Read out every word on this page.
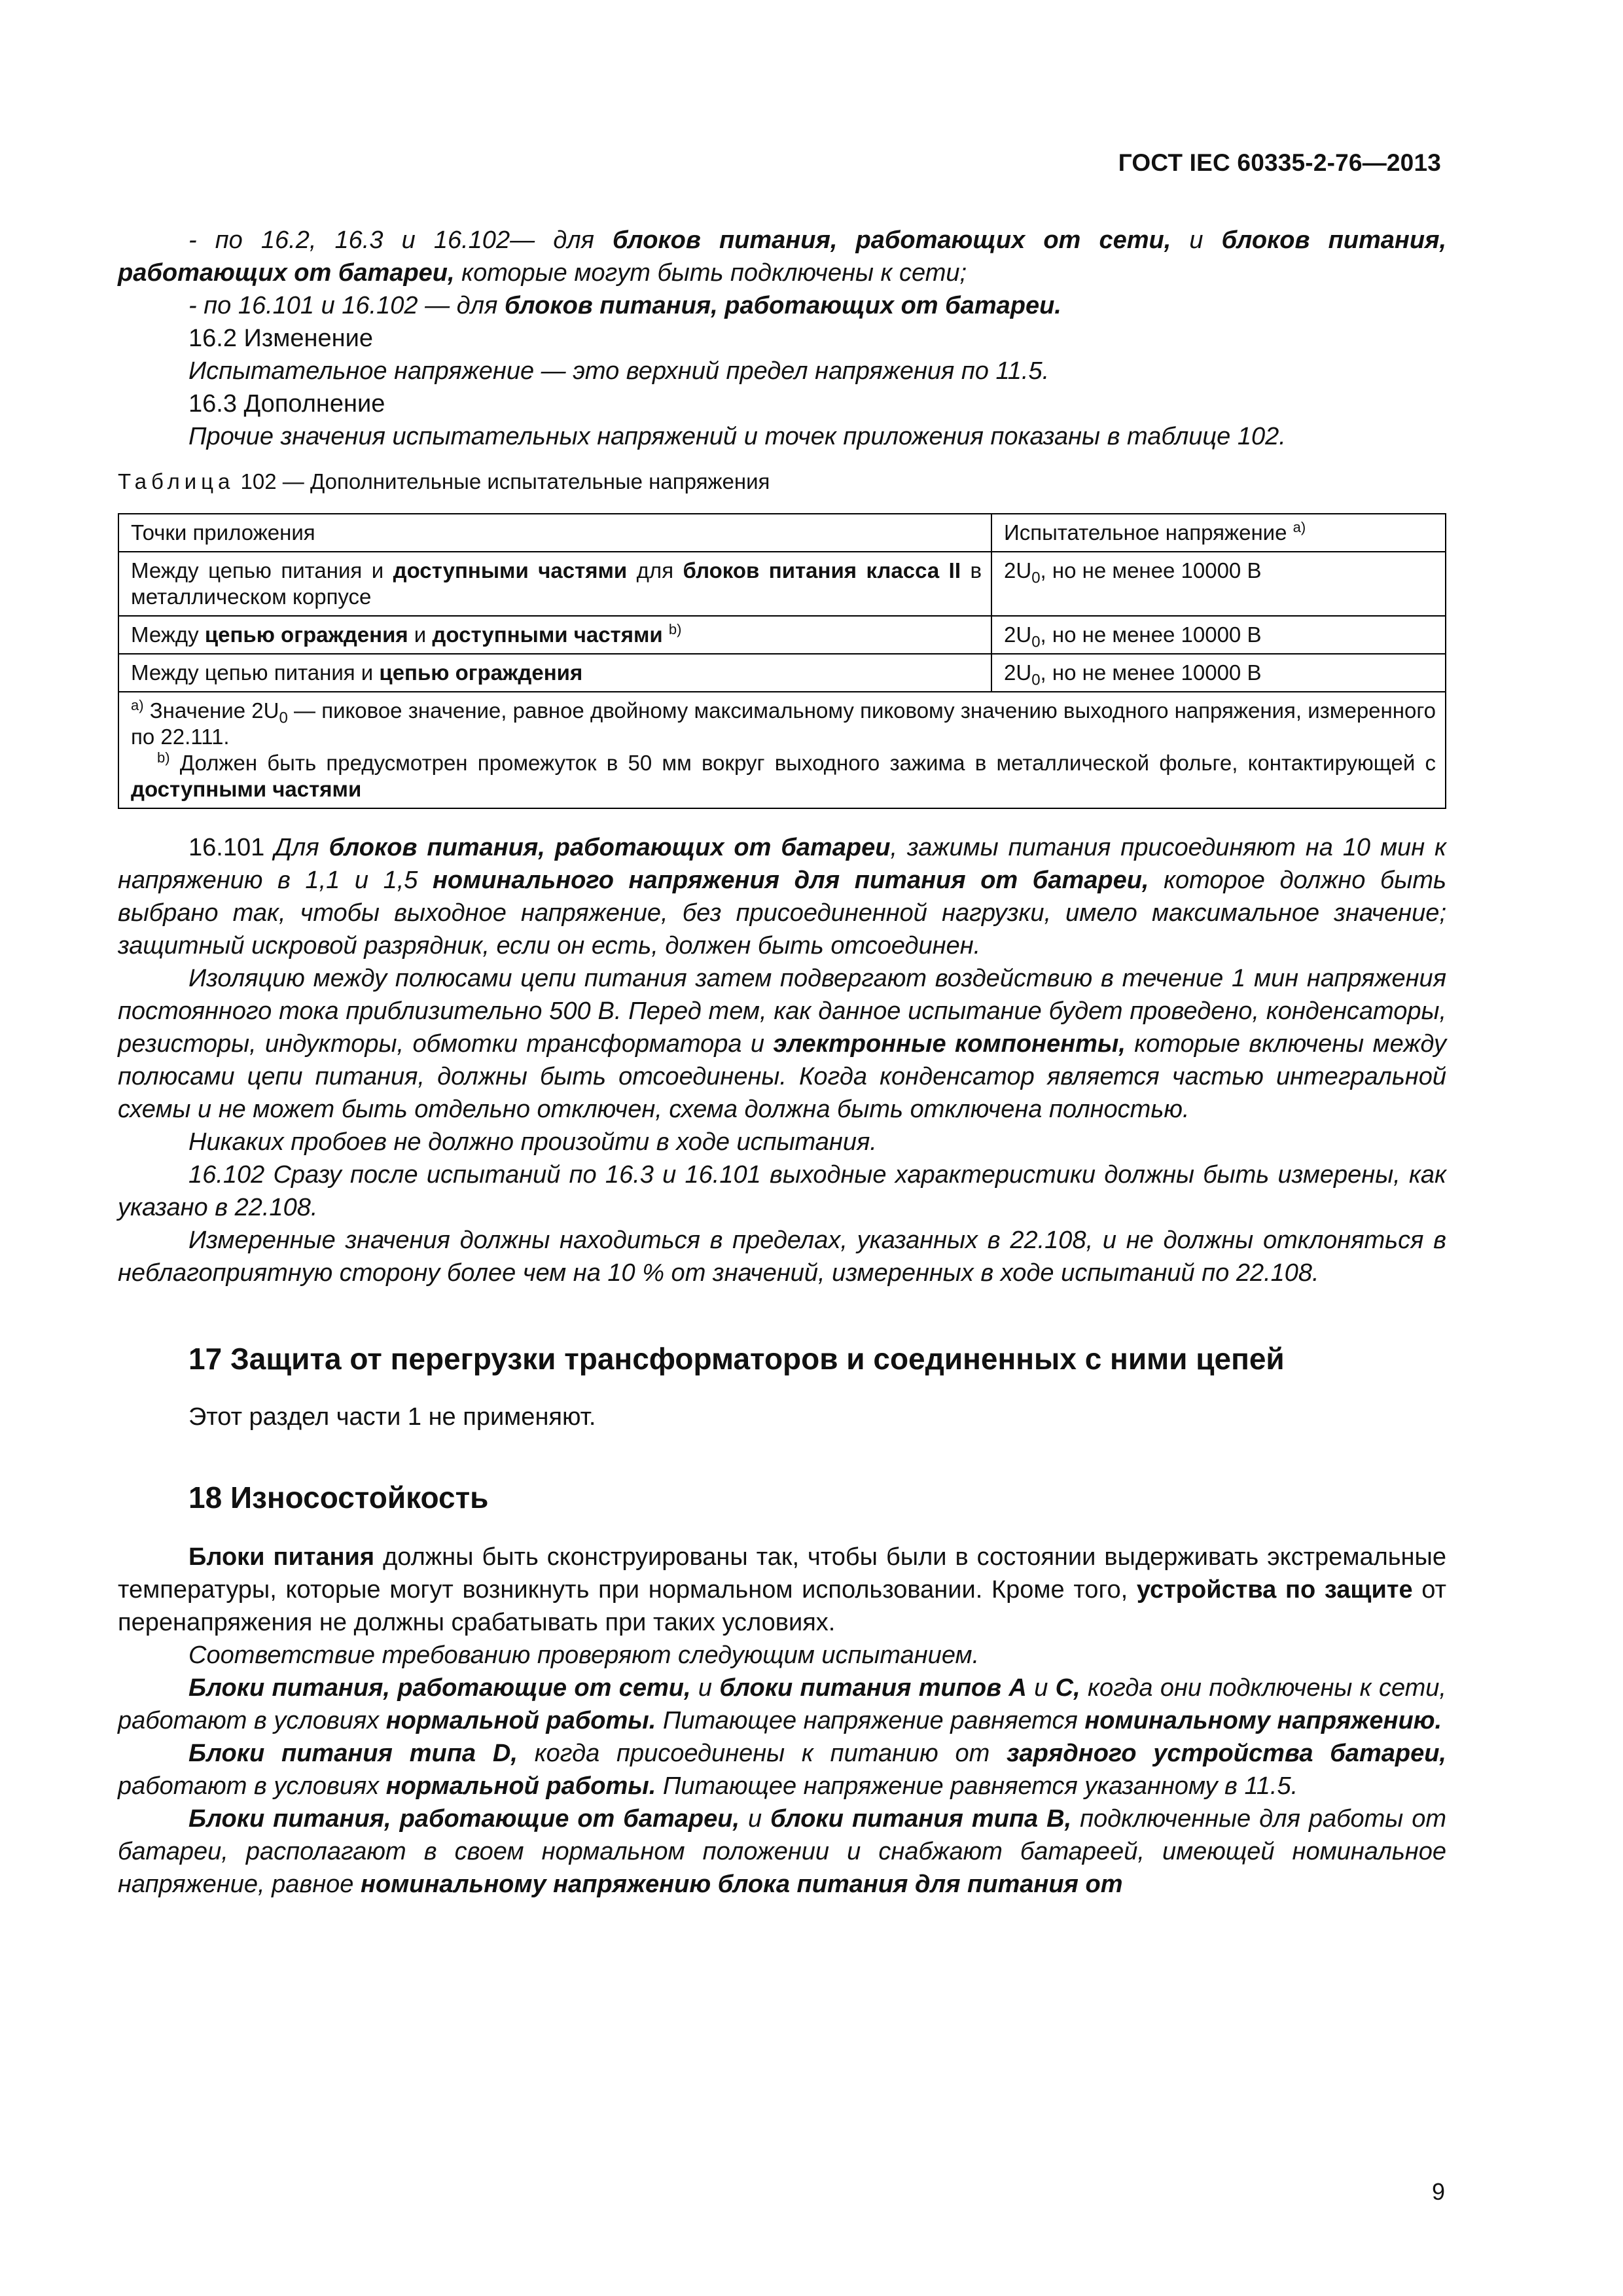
ГОСТ IEC 60335-2-76—2013

- по 16.2, 16.3 и 16.102— для блоков питания, работающих от сети, и блоков питания, работающих от батареи, которые могут быть подключены к сети;

- по 16.101 и 16.102 — для блоков питания, работающих от батареи.

16.2 Изменение

Испытательное напряжение — это верхний предел напряжения по 11.5.

16.3 Дополнение

Прочие значения испытательных напряжений и точек приложения показаны в таблице 102.

Таблица 102 — Дополнительные испытательные напряжения

Точки приложения	Испытательное напряжение $^{a)}$
Между цепью питания и доступными частями для блоков питания класса II в металлическом корпусе	$2U_0$, но не менее 10000 В
Между цепью ограждения и доступными частями $^{b)}$	$2U_0$, но не менее 10000 В
Между цепью питания и цепью ограждения	$2U_0$, но не менее 10000 В

$^{a)}$ Значение $2U_0$ — пиковое значение, равное двойному максимальному пиковому значению выходного напряжения, измеренного по 22.111.
$^{b)}$ Должен быть предусмотрен промежуток в 50 мм вокруг выходного зажима в металлической фольге, контактирующей с доступными частями	

16.101 Для блоков питания, работающих от батареи, зажимы питания присоединяют на 10 мин к напряжению в 1,1 и 1,5 номинального напряжения для питания от батареи, которое должно быть выбрано так, чтобы выходное напряжение, без присоединенной нагрузки, имело максимальное значение; защитный искровой разрядник, если он есть, должен быть отсоединен.

Изоляцию между полюсами цепи питания затем подвергают воздействию в течение 1 мин напряжения постоянного тока приблизительно 500 В. Перед тем, как данное испытание будет проведено, конденсаторы, резисторы, индукторы, обмотки трансформатора и электронные компоненты, которые включены между полюсами цепи питания, должны быть отсоединены. Когда конденсатор является частью интегральной схемы и не может быть отдельно отключен, схема должна быть отключена полностью.

Никаких пробоев не должно произойти в ходе испытания.

16.102 Сразу после испытаний по 16.3 и 16.101 выходные характеристики должны быть измерены, как указано в 22.108.

Измеренные значения должны находиться в пределах, указанных в 22.108, и не должны отклоняться в неблагоприятную сторону более чем на 10 % от значений, измеренных в ходе испытаний по 22.108.

17 Защита от перегрузки трансформаторов и соединенных с ними цепей

Этот раздел части 1 не применяют.

18 Износостойкость

Блоки питания должны быть сконструированы так, чтобы были в состоянии выдерживать экстремальные температуры, которые могут возникнуть при нормальном использовании. Кроме того, устройства по защите от перенапряжения не должны срабатывать при таких условиях.

Соответствие требованию проверяют следующим испытанием.

Блоки питания, работающие от сети, и блоки питания типов А и С, когда они подключены к сети, работают в условиях нормальной работы. Питающее напряжение равняется номинальному напряжению.

Блоки питания типа D, когда присоединены к питанию от зарядного устройства батареи, работают в условиях нормальной работы. Питающее напряжение равняется указанному в 11.5.

Блоки питания, работающие от батареи, и блоки питания типа В, подключенные для работы от батареи, располагают в своем нормальном положении и снабжают батареей, имеющей номинальное напряжение, равное номинальному напряжению блока питания для питания от

9
